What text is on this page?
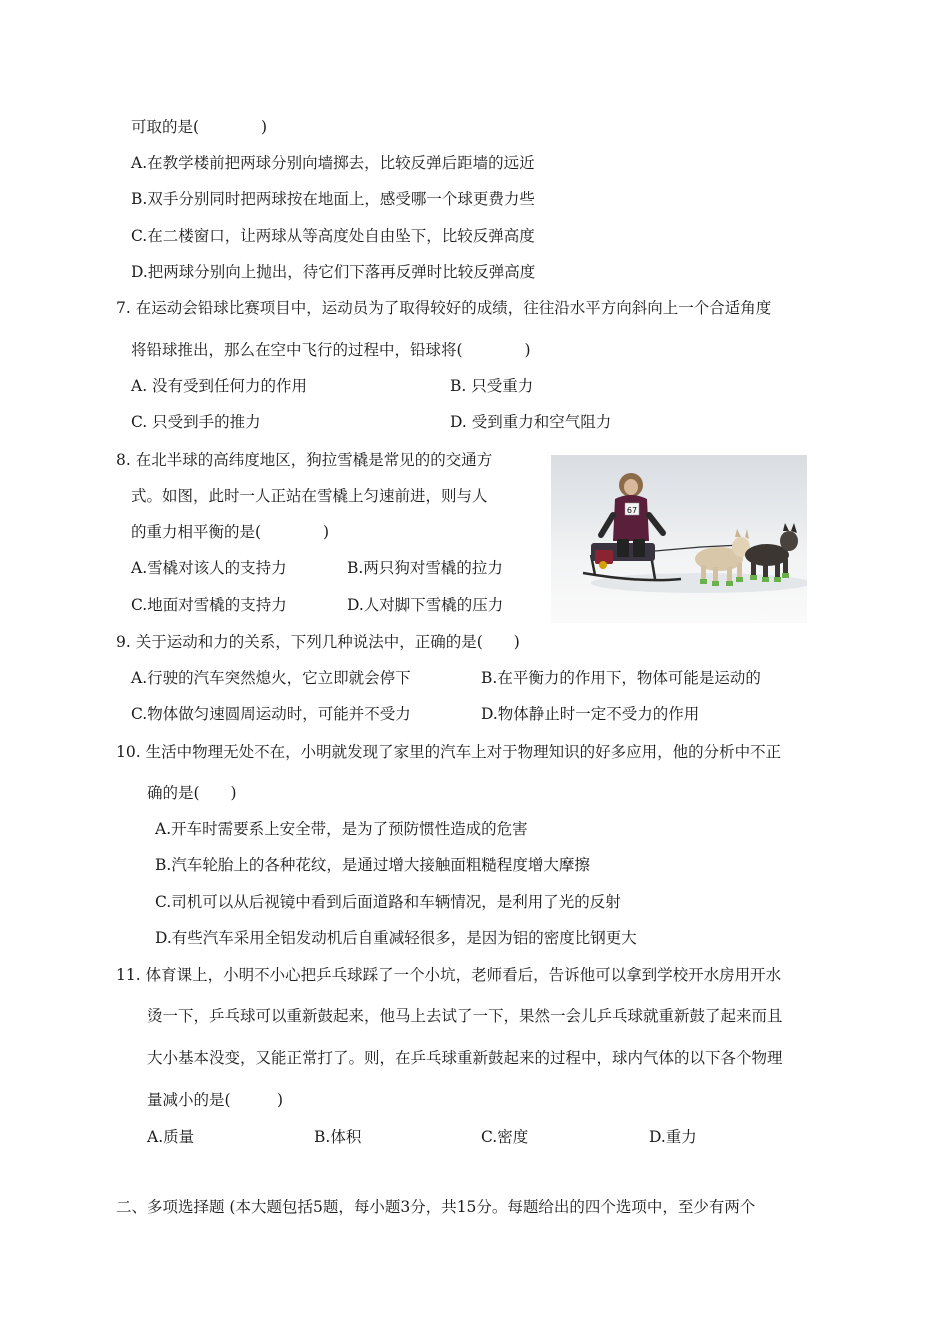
可取的是(　　　　)
A.在教学楼前把两球分别向墙掷去，比较反弹后距墙的远近
B.双手分别同时把两球按在地面上，感受哪一个球更费力些
C.在二楼窗口，让两球从等高度处自由坠下，比较反弹高度
D.把两球分别向上抛出，待它们下落再反弹时比较反弹高度
7. 在运动会铅球比赛项目中，运动员为了取得较好的成绩，往往沿水平方向斜向上一个合适角度
将铅球推出，那么在空中飞行的过程中，铅球将(　　　　)
A. 没有受到任何力的作用	B. 只受重力
C. 只受到手的推力	D. 受到重力和空气阻力
8. 在北半球的高纬度地区，狗拉雪橇是常见的的交通方
式。如图，此时一人正站在雪橇上匀速前进，则与人
的重力相平衡的是(　　　　)
A.雪橇对该人的支持力	B.两只狗对雪橇的拉力
C.地面对雪橇的支持力	D.人对脚下雪橇的压力
67
9. 关于运动和力的关系，下列几种说法中，正确的是(　　)
A.行驶的汽车突然熄火，它立即就会停下	B.在平衡力的作用下，物体可能是运动的
C.物体做匀速圆周运动时，可能并不受力	D.物体静止时一定不受力的作用
10. 生活中物理无处不在，小明就发现了家里的汽车上对于物理知识的好多应用，他的分析中不正
确的是(　　)
A.开车时需要系上安全带，是为了预防惯性造成的危害
B.汽车轮胎上的各种花纹，是通过增大接触面粗糙程度增大摩擦
C.司机可以从后视镜中看到后面道路和车辆情况，是利用了光的反射
D.有些汽车采用全铝发动机后自重减轻很多，是因为铝的密度比钢更大
11. 体育课上，小明不小心把乒乓球踩了一个小坑，老师看后，告诉他可以拿到学校开水房用开水
烫一下，乒乓球可以重新鼓起来，他马上去试了一下，果然一会儿乒乓球就重新鼓了起来而且
大小基本没变，又能正常打了。则，在乒乓球重新鼓起来的过程中，球内气体的以下各个物理
量减小的是(　　　)
A.质量	B.体积	C.密度	D.重力
二、多项选择题 (本大题包括5题，每小题3分，共15分。每题给出的四个选项中，至少有两个
